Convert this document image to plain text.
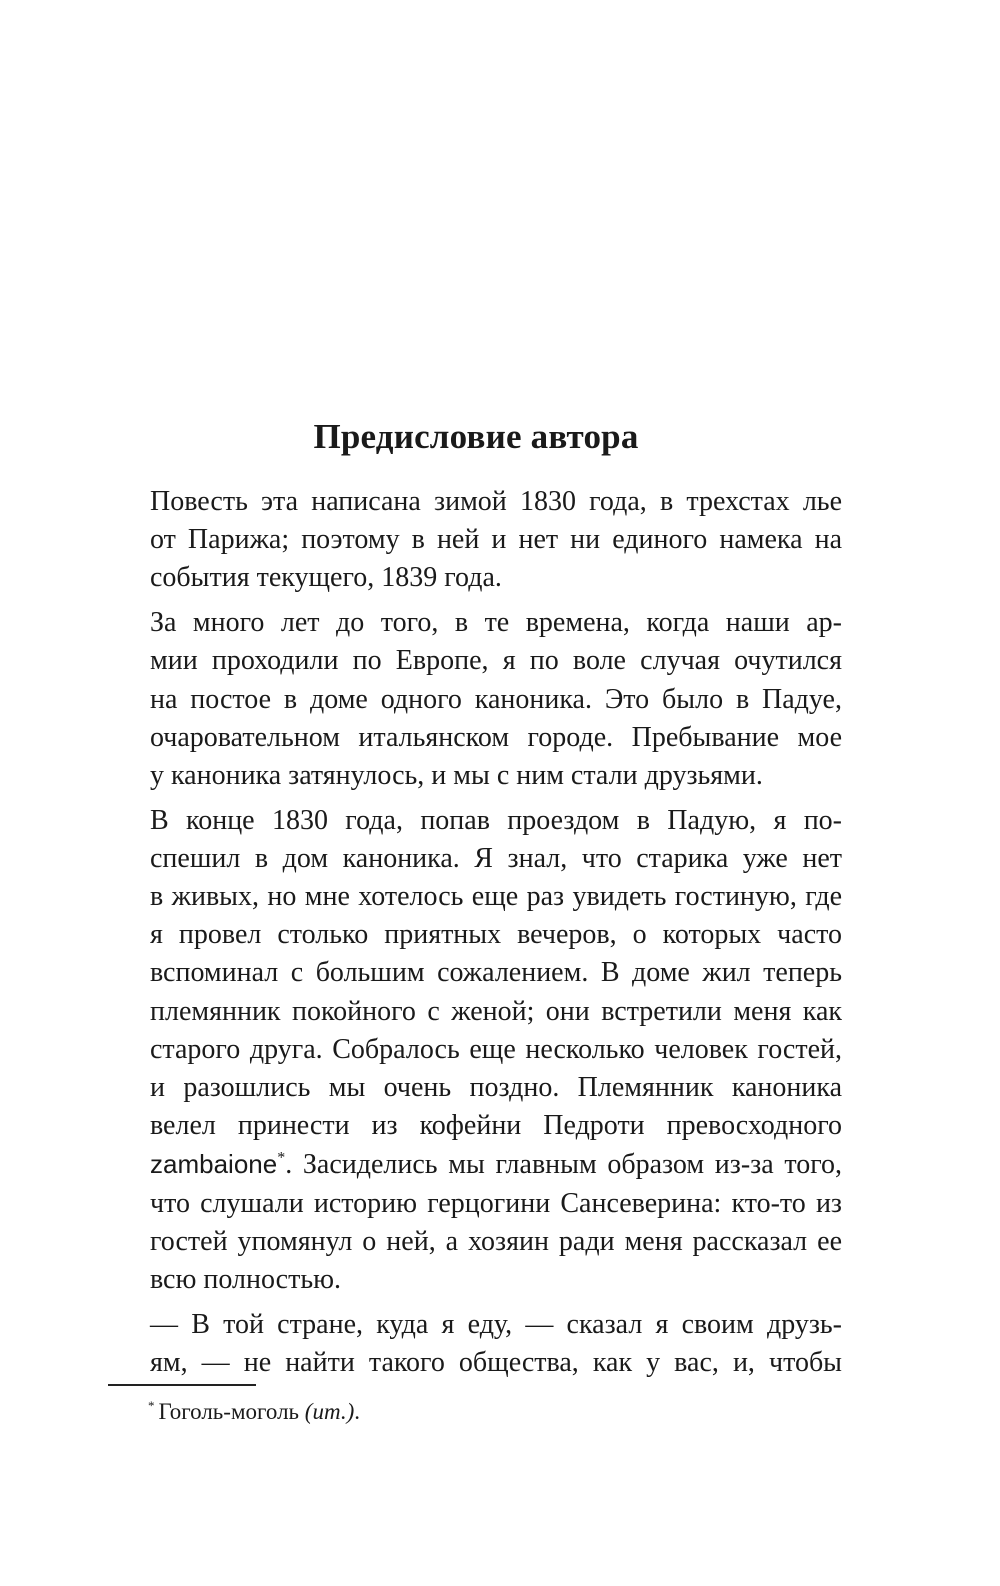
Предисловие автора

Повесть эта написана зимой 1830 года, в трехстах лье
от Парижа; поэтому в ней и нет ни единого намека на
события текущего, 1839 года.

За много лет до того, в те времена, когда наши ар-
мии проходили по Европе, я по воле случая очутился
на постое в доме одного каноника. Это было в Падуе,
очаровательном итальянском городе. Пребывание мое
у каноника затянулось, и мы с ним стали друзьями.

В конце 1830 года, попав проездом в Падую, я по-
спешил в дом каноника. Я знал, что старика уже нет
в живых, но мне хотелось еще раз увидеть гостиную, где
я провел столько приятных вечеров, о которых часто
вспоминал с большим сожалением. В доме жил теперь
племянник покойного с женой; они встретили меня как
старого друга. Собралось еще несколько человек гостей,
и разошлись мы очень поздно. Племянник каноника
велел принести из кофейни Педроти превосходного
zambaione*. Засиделись мы главным образом из-за того,
что слушали историю герцогини Сансеверина: кто-то из
гостей упомянул о ней, а хозяин ради меня рассказал ее
всю полностью.

— В той стране, куда я еду, — сказал я своим друзь-
ям, — не найти такого общества, как у вас, и, чтобы

* Гоголь-моголь (ит.).
